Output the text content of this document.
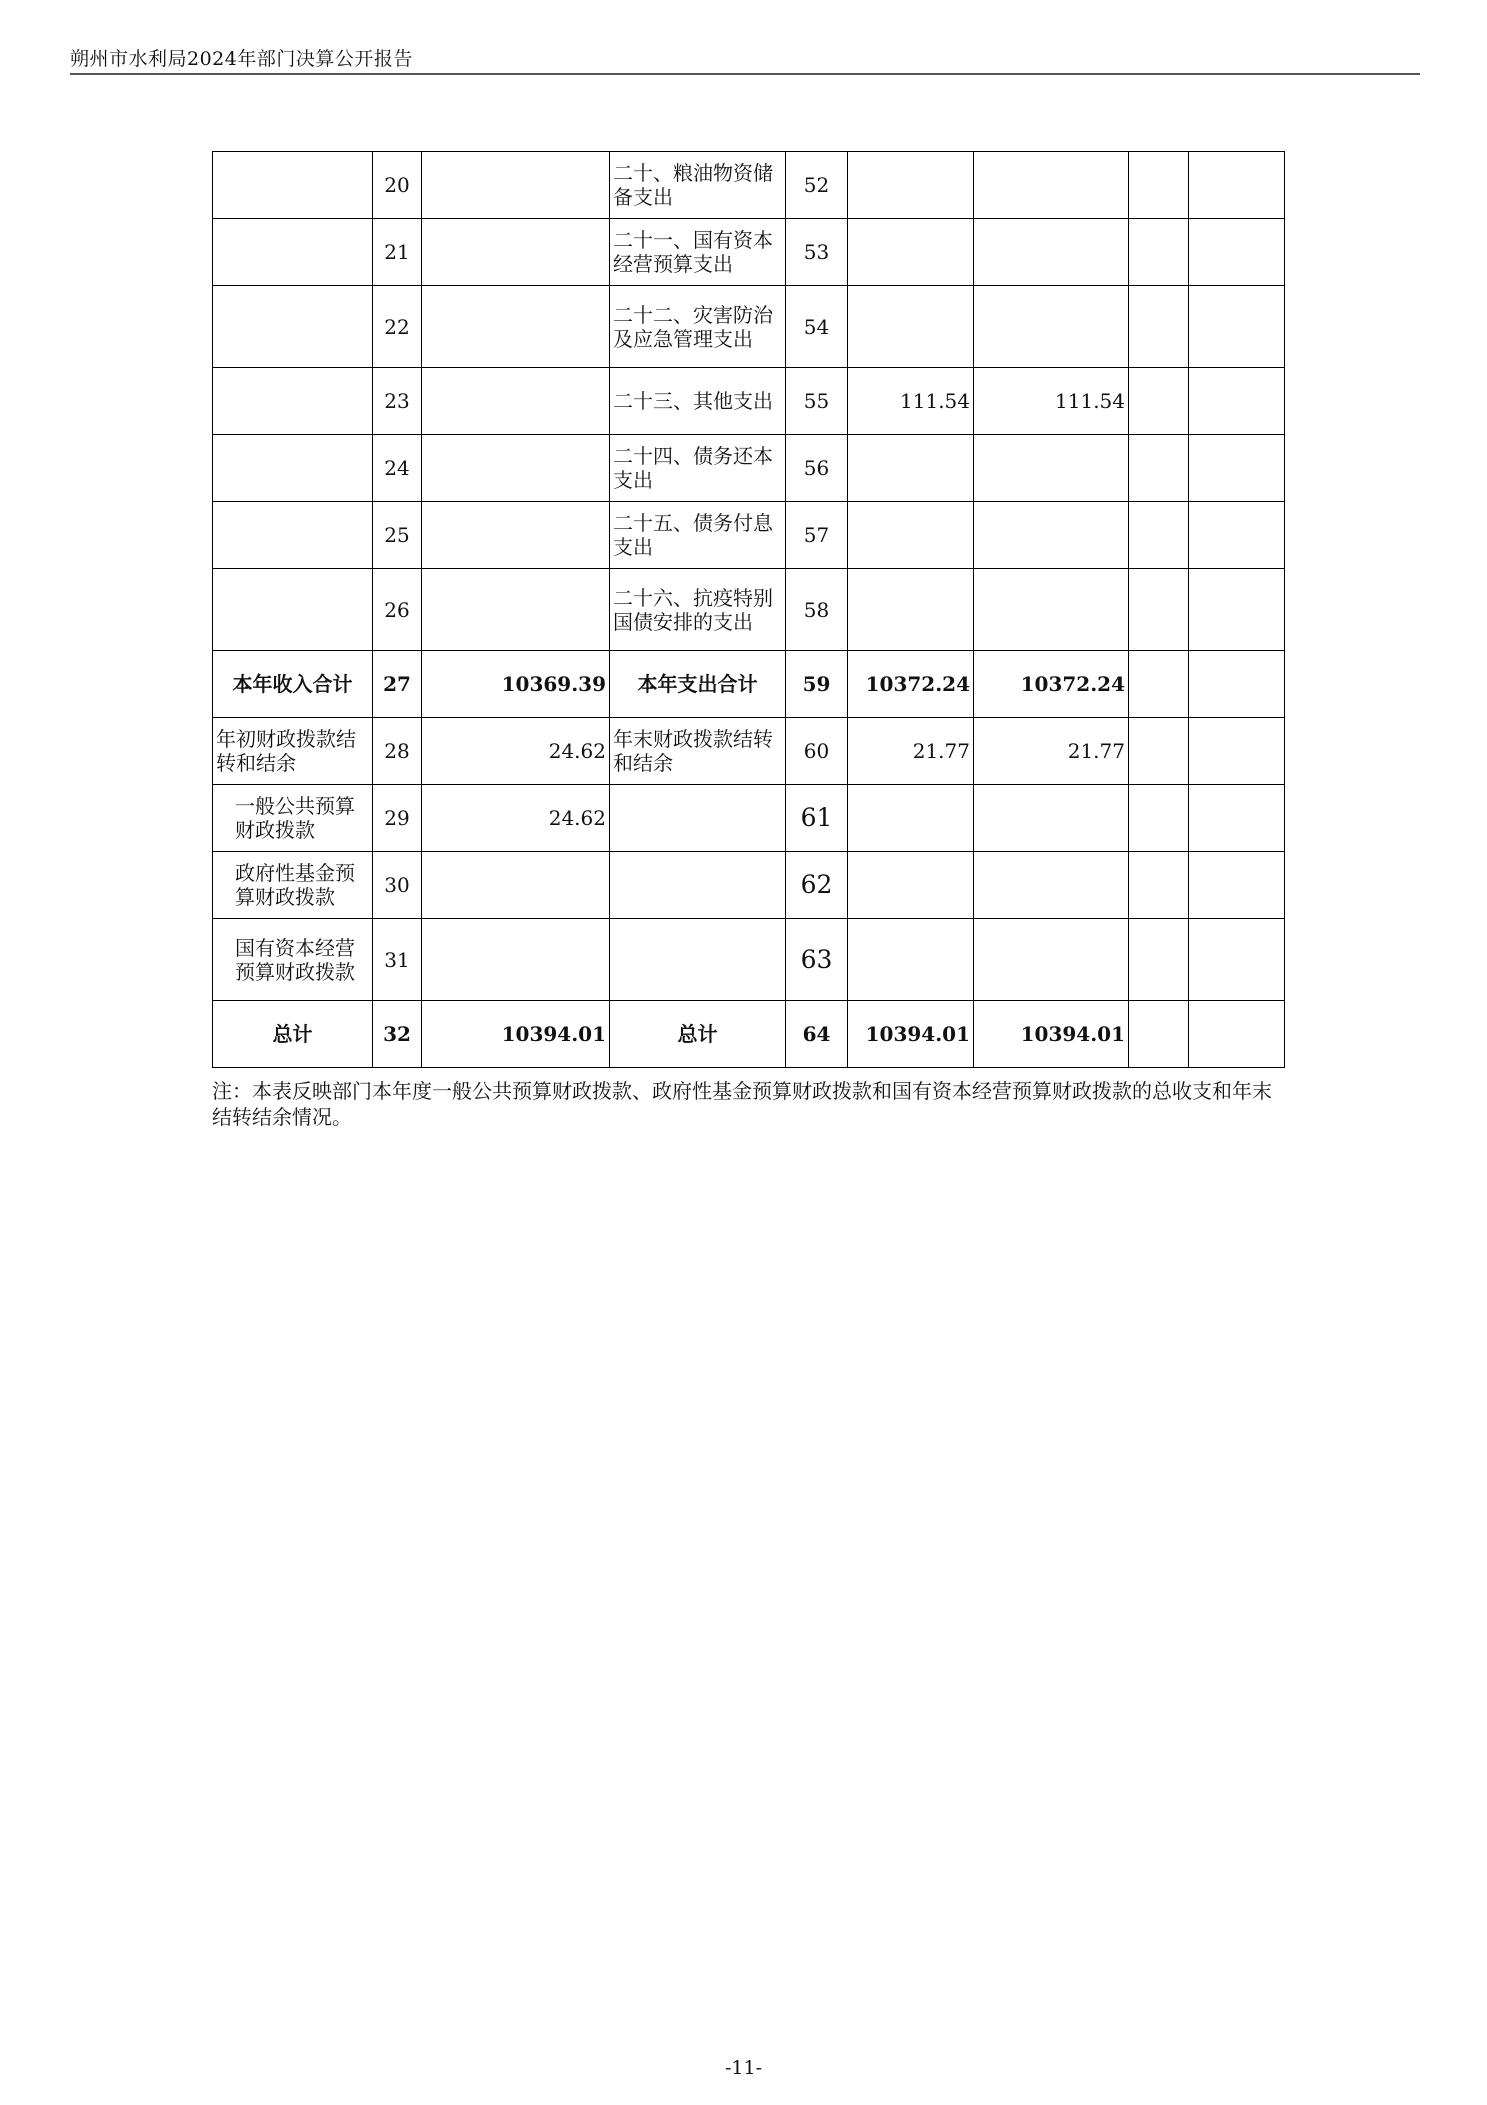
朔州市水利局2024年部门决算公开报告
	20		二十、粮油物资储备支出	52				
	21		二十一、国有资本经营预算支出	53				
	22		二十二、灾害防治及应急管理支出	54				
	23		二十三、其他支出	55	111.54	111.54		
	24		二十四、债务还本支出	56				
	25		二十五、债务付息支出	57				
	26		二十六、抗疫特别国债安排的支出	58				
本年收入合计	27	10369.39	本年支出合计	59	10372.24	10372.24		
年初财政拨款结转和结余	28	24.62	年末财政拨款结转和结余	60	21.77	21.77		
一般公共预算财政拨款	29	24.62		61				
政府性基金预算财政拨款	30			62				
国有资本经营预算财政拨款	31			63				
总计	32	10394.01	总计	64	10394.01	10394.01		
注：本表反映部门本年度一般公共预算财政拨款、政府性基金预算财政拨款和国有资本经营预算财政拨款的总收支和年末结转结余情况。
-11-
